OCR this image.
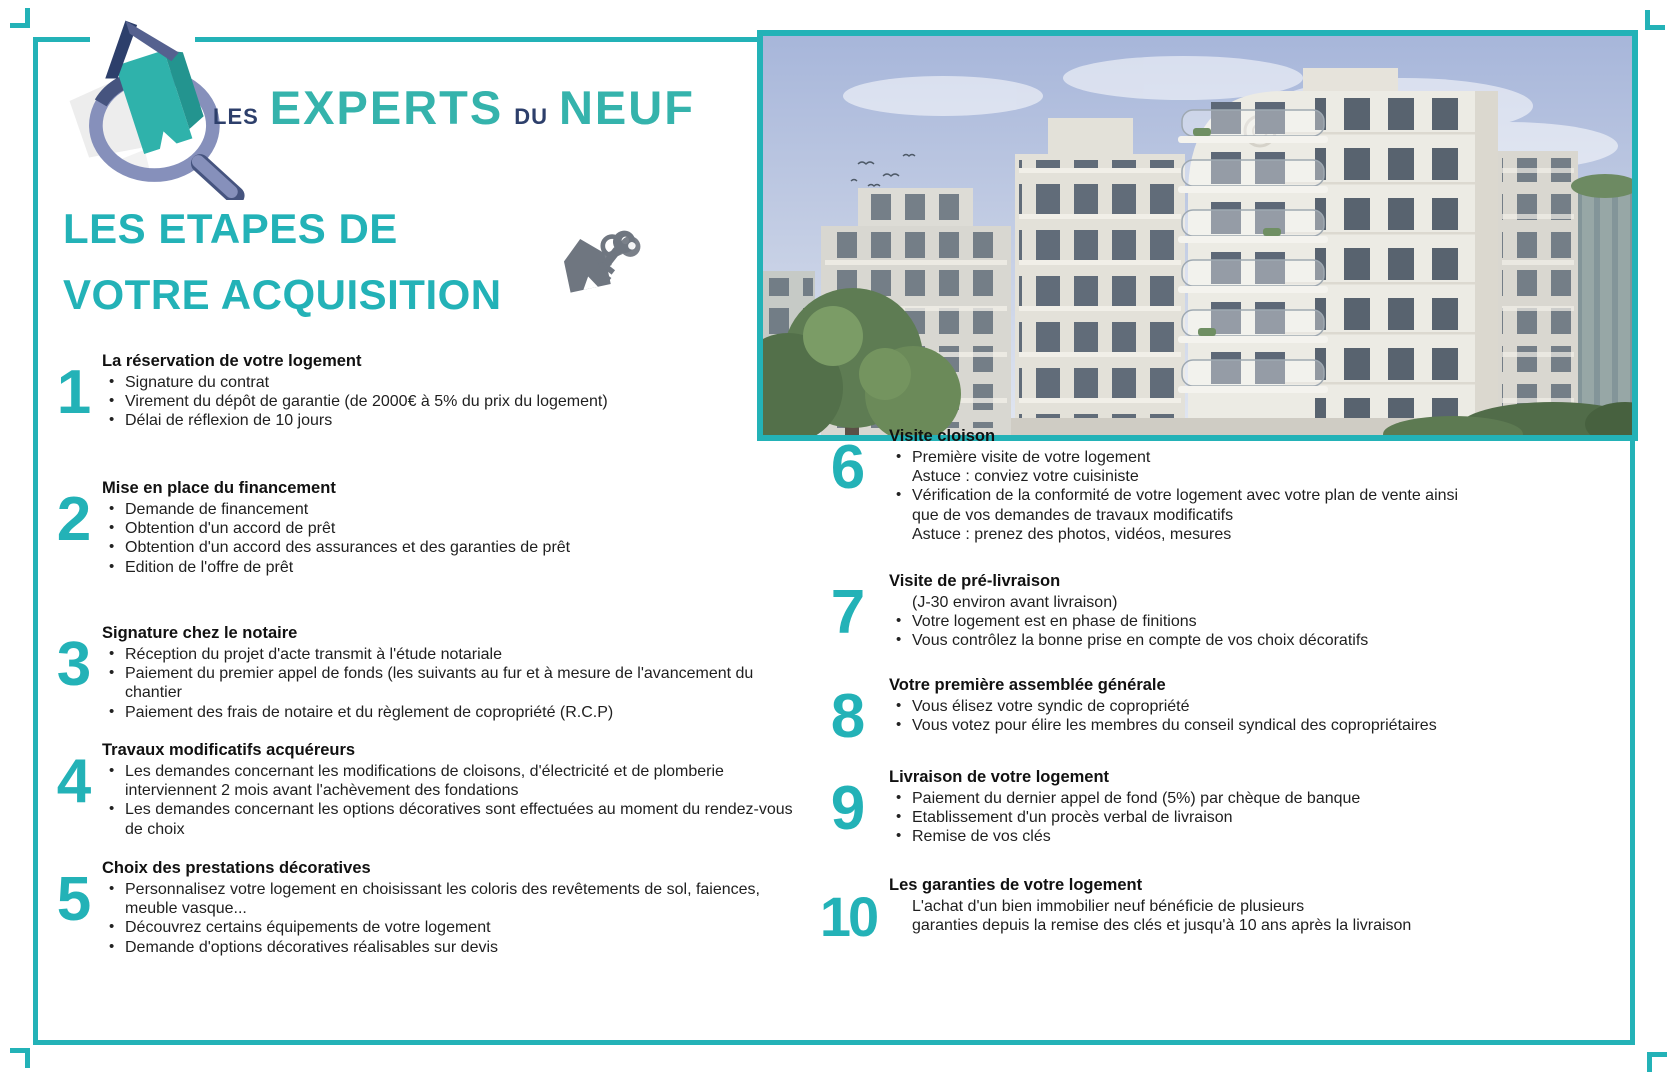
LES EXPERTS DU NEUF
LES ETAPES DE
VOTRE ACQUISITION
1 La réservation de votre logement
• Signature du contrat
• Virement du dépôt de garantie (de 2000€ à 5% du prix du logement)
• Délai de réflexion de 10 jours
2 Mise en place du financement
• Demande de financement
• Obtention d'un accord de prêt
• Obtention d'un accord des assurances et des garanties de prêt
• Edition de l'offre de prêt
3 Signature chez le notaire
• Réception du projet d'acte transmit à l'étude notariale
• Paiement du premier appel de fonds (les suivants au fur et à mesure de l'avancement du chantier
• Paiement des frais de notaire et du règlement de copropriété (R.C.P)
4 Travaux modificatifs acquéreurs
• Les demandes concernant les modifications de cloisons, d'électricité et de plomberie interviennent 2 mois avant l'achèvement des fondations
• Les demandes concernant les options décoratives sont effectuées au moment du rendez-vous de choix
5 Choix des prestations décoratives
• Personnalisez votre logement en choisissant les coloris des revêtements de sol, faiences, meuble vasque...
• Découvrez certains équipements de votre logement
• Demande d'options décoratives réalisables sur devis
6	Visite cloison
• Première visite de votre logement
Astuce : conviez votre cuisiniste
• Vérification de la conformité de votre logement avec votre plan de vente ainsi que de vos demandes de travaux modificatifs
Astuce : prenez des photos, vidéos, mesures
7	Visite de pré-livraison
(J-30 environ avant livraison)
• Votre logement est en phase de finitions
• Vous contrôlez la bonne prise en compte de vos choix décoratifs
8	Votre première assemblée générale
• Vous élisez votre syndic de copropriété
• Vous votez pour élire les membres du conseil syndical des copropriétaires
9	Livraison de votre logement
• Paiement du dernier appel de fond (5%) par chèque de banque
• Etablissement d'un procès verbal de livraison
• Remise de vos clés
10 Les garanties de votre logement
L'achat d'un bien immobilier neuf bénéficie de plusieurs
garanties depuis la remise des clés et jusqu'à 10 ans après la livraison
